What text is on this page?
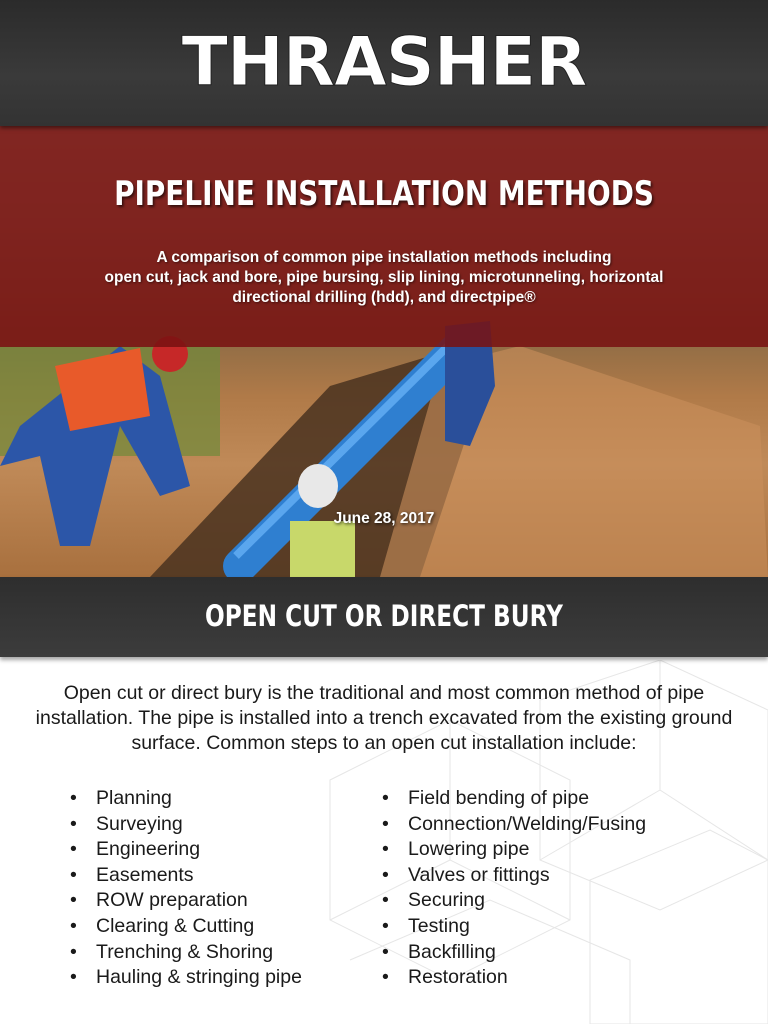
THRASHER
PIPELINE INSTALLATION METHODS
A comparison of common pipe installation methods including
open cut, jack and bore, pipe bursing, slip lining, microtunneling, horizontal
directional drilling (hdd), and directpipe®
June 28, 2017
OPEN CUT OR DIRECT BURY
Open cut or direct bury is the traditional and most common method of pipe installation. The pipe is installed into a trench excavated from the existing ground surface. Common steps to an open cut installation include:
• Planning
• Surveying
• Engineering
• Easements
• ROW preparation
• Clearing & Cutting
• Trenching & Shoring
• Hauling & stringing pipe
• Field bending of pipe
• Connection/Welding/Fusing
• Lowering pipe
• Valves or fittings
• Securing
• Testing
• Backfilling
• Restoration
